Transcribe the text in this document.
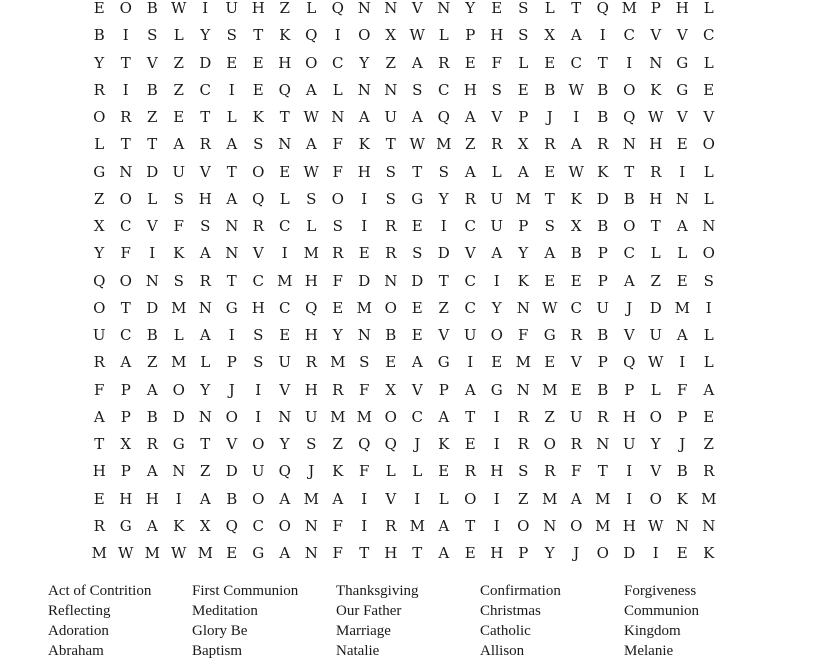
E O B W	I	U H Z	L	Q N N V N Y	E	S	L	T	Q M P H L
B	I	S	L	Y	S	T	K Q	I	O	X W L	P H S	X	A	I	C	V	V	C
Y	T	V	Z	D	E	E H O C	Y	Z	A	R	E	F	L	E	C	T	I	N G	L
R	I	B	Z	C	I	E Q A	L N N S	C H S	E	B W B O K G	E
O R	Z	E	T	L	K	T W N A U A Q A	V	P	J	I	B Q W V	V
L	T	T	A	R	A	S N A	F	K	T W M Z	R	X	R	A	R N H E O
G N D U V	T	O E W F H S	T	S	A	L	A	E W K	T	R	I	L
Z	O	L	S H A Q	L	S	O	I	S	G	Y	R U M T	K D B H N L
X	C	V	F	S N R	C	L	S	I	R	E	I	C U	P	S	X	B O	T	A N
Y	F	I	K	A N V	I	M R	E	R	S	D	V	A	Y	A	B	P	C	L	L	O
Q O N S	R	T	C M H F	D N D	T	C	I	K	E	E	P	A	Z	E	S
O	T	D M N G H C Q E M O E	Z	C	Y N W C U	J	D M	I
U C	B	L	A	I	S	E H	Y N B	E	V U O	F	G R	B	V U A	L
R	A	Z M L	P	S	U R M S	E	A	G	I	E M E	V	P	Q W	I	L
F	P	A O	Y	J	I	V H R	F	X	V	P	A	G N M E	B	P	L	F	A
A	P	B D N O	I	N U M M O C	A	T	I	R	Z U R H O	P	E
T	X	R G	T	V O	Y	S	Z	Q Q	J	K	E	I	R O R N U	Y	J	Z
H P	A N Z	D U Q	J	K	F	L	L	E	R H S	R	F	T	I	V	B	R
E H H	I	A	B O A M A	I	V	I	L	O	I	Z M A M	I	O K M
R G	A	K	X	Q C O N F	I	R M A	T	I	O N O M H W N N
M W M W M E	G	A N F	T H T	A	E H P	Y	J	O D	I	E	K
Act of Contrition	First Communion	Thanksgiving	Confirmation	Forgiveness
Reflecting	Meditation	Our Father	Christmas	Communion
Adoration	Glory Be	Marriage	Catholic	Kingdom
Abraham	Baptism	Natalie	Allison	Melanie
